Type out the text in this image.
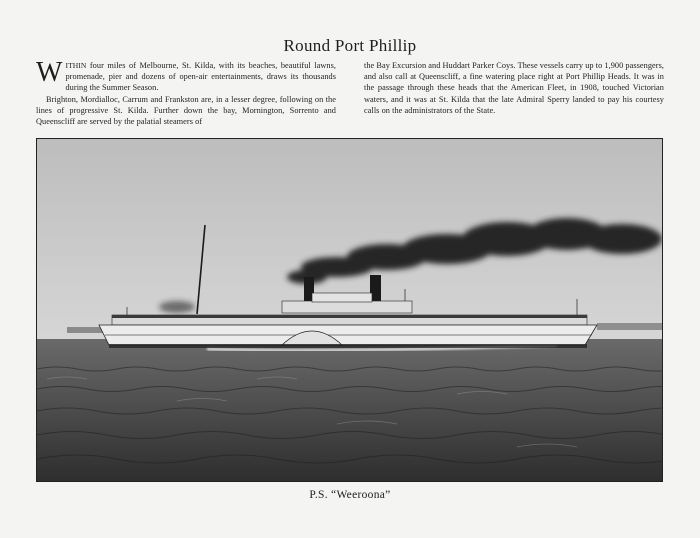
Round Port Phillip

WITHIN four miles of Melbourne, St. Kilda, with its beaches, beautiful lawns, promenade, pier and dozens of open-air entertainments, draws its thousands during the Summer Season.

Brighton, Mordialloc, Carrum and Frankston are, in a lesser degree, following on the lines of progressive St. Kilda. Further down the bay, Mornington, Sorrento and Queenscliff are served by the palatial steamers of

the Bay Excursion and Huddart Parker Coys. These vessels carry up to 1,900 passengers, and also call at Queenscliff, a fine watering place right at Port Phillip Heads. It was in the passage through these heads that the American Fleet, in 1908, touched Victorian waters, and it was at St. Kilda that the late Admiral Sperry landed to pay his courtesy calls on the administrators of the State.

P.S. “Weeroona”
